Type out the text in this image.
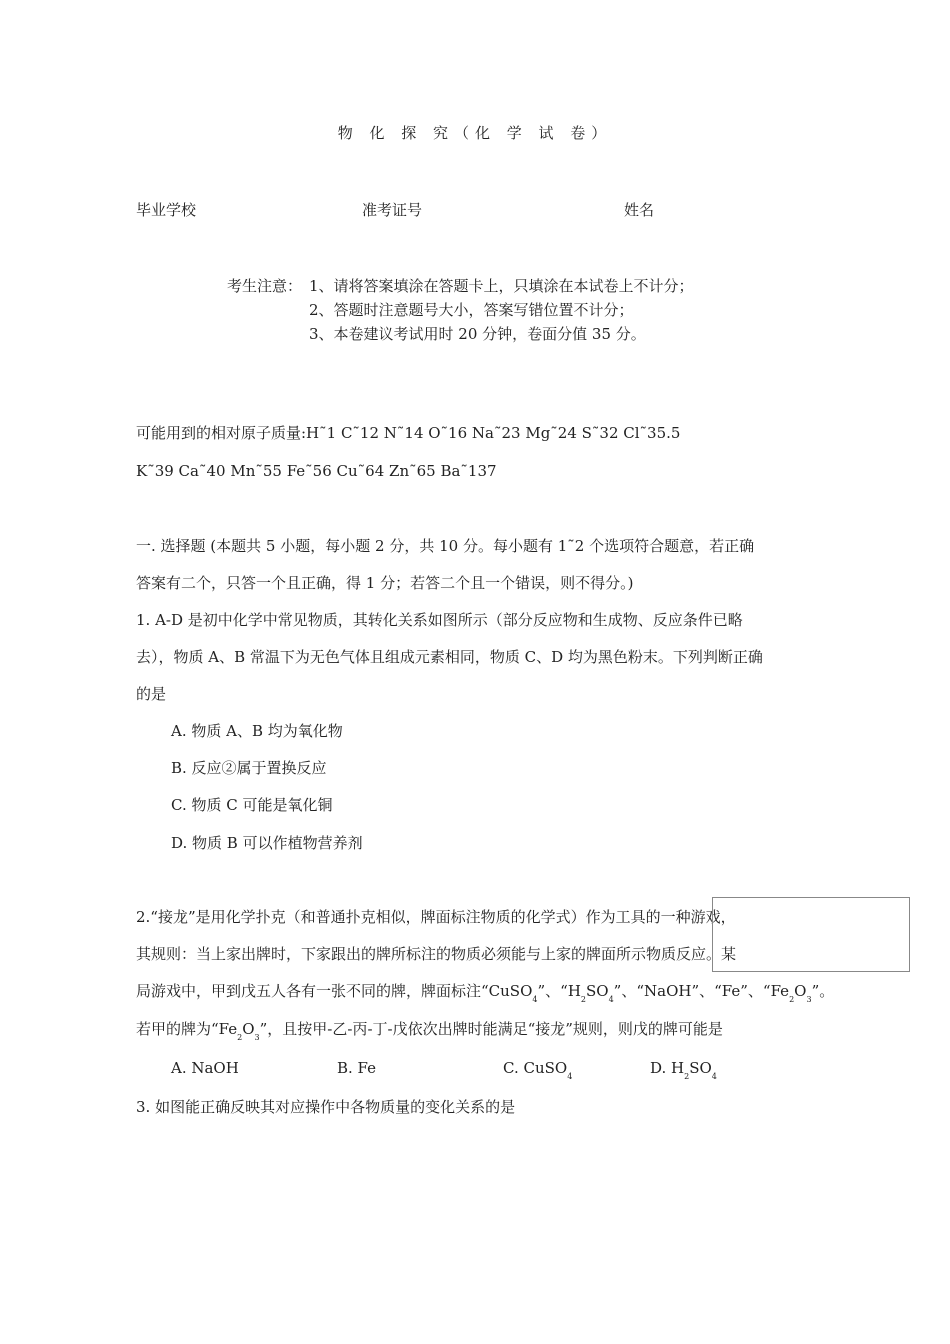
物 化 探 究（化 学 试 卷）
毕业学校	准考证号	姓名
考生注意： 1、请将答案填涂在答题卡上，只填涂在本试卷上不计分；
2、答题时注意题号大小，答案写错位置不计分；
3、本卷建议考试用时 20 分钟，卷面分值 35 分。
可能用到的相对原子质量:H˜1 C˜12 N˜14 O˜16 Na˜23 Mg˜24 S˜32 Cl˜35.5
K˜39 Ca˜40 Mn˜55 Fe˜56 Cu˜64 Zn˜65 Ba˜137
一. 选择题 (本题共 5 小题，每小题 2 分，共 10 分。每小题有 1˜2 个选项符合题意，若正确
答案有二个，只答一个且正确，得 1 分；若答二个且一个错误，则不得分。)
1. A-D 是初中化学中常见物质，其转化关系如图所示（部分反应物和生成物、反应条件已略
去），物质 A、B 常温下为无色气体且组成元素相同，物质 C、D 均为黑色粉末。下列判断正确
的是
A. 物质 A、B 均为氧化物
B. 反应②属于置换反应
C. 物质 C 可能是氧化铜
D. 物质 B 可以作植物营养剂
2.“接龙”是用化学扑克（和普通扑克相似，牌面标注物质的化学式）作为工具的一种游戏，
其规则：当上家出牌时，下家跟出的牌所标注的物质必须能与上家的牌面所示物质反应。某
局游戏中，甲到戊五人各有一张不同的牌，牌面标注“CuSO$_4$”、“$H_2SO_4$”、“NaOH”、“Fe”、“$Fe_2O_3$”。
若甲的牌为“$Fe_2O_3$”，且按甲-乙-丙-丁-戊依次出牌时能满足“接龙”规则，则戊的牌可能是
A. NaOH	B. Fe	C. CuSO$_4$	D. $H_2SO_4$
3. 如图能正确反映其对应操作中各物质量的变化关系的是
